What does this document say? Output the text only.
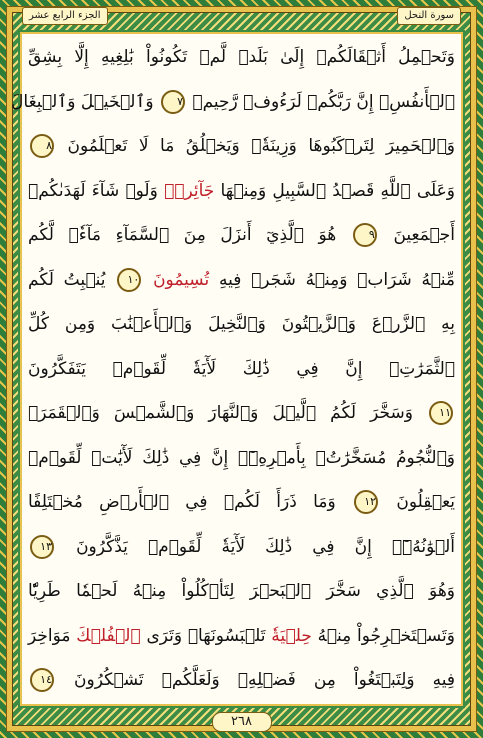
الجزء الرابع عشر	سورة النحل
وَتَحۡمِلُ أَثۡقَالَكُمۡ إِلَىٰ بَلَدٖ لَّمۡ تَكُونُواْ بَٰلِغِيهِ إِلَّا بِشِقِّ
ٱلۡأَنفُسِۚ إِنَّ رَبَّكُمۡ لَرَءُوفٞ رَّحِيمٞ ٧ وَٱلۡخَيۡلَ وَٱلۡبِغَالَ
وَٱلۡحَمِيرَ لِتَرۡكَبُوهَا وَزِينَةٗۚ وَيَخۡلُقُ مَا لَا تَعۡلَمُونَ ٨
وَعَلَى ٱللَّهِ قَصۡدُ ٱلسَّبِيلِ وَمِنۡهَا جَآئِرٞۚ وَلَوۡ شَآءَ لَهَدَىٰكُمۡ
أَجۡمَعِينَ ٩ هُوَ ٱلَّذِيٓ أَنزَلَ مِنَ ٱلسَّمَآءِ مَآءٗۖ لَّكُم
مِّنۡهُ شَرَابٞ وَمِنۡهُ شَجَرٞ فِيهِ تُسِيمُونَ ١٠ يُنۢبِتُ لَكُم
بِهِ ٱلزَّرۡعَ وَٱلزَّيۡتُونَ وَٱلنَّخِيلَ وَٱلۡأَعۡنَٰبَ وَمِن كُلِّ
ٱلثَّمَرَٰتِۚ إِنَّ فِي ذَٰلِكَ لَأٓيَةٗ لِّقَوۡمٖ يَتَفَكَّرُونَ
١١ وَسَخَّرَ لَكُمُ ٱلَّيۡلَ وَٱلنَّهَارَ وَٱلشَّمۡسَ وَٱلۡقَمَرَۖ
وَٱلنُّجُومُ مُسَخَّرَٰتُۢ بِأَمۡرِهِۦٓۚ إِنَّ فِي ذَٰلِكَ لَأٓيَٰتٖ لِّقَوۡمٖ
يَعۡقِلُونَ ١٢ وَمَا ذَرَأَ لَكُمۡ فِي ٱلۡأَرۡضِ مُخۡتَلِفًا
أَلۡوَٰنُهُۥٓۚ إِنَّ فِي ذَٰلِكَ لَأٓيَةٗ لِّقَوۡمٖ يَذَّكَّرُونَ ١٣
وَهُوَ ٱلَّذِي سَخَّرَ ٱلۡبَحۡرَ لِتَأۡكُلُواْ مِنۡهُ لَحۡمٗا طَرِيّٗا
وَتَسۡتَخۡرِجُواْ مِنۡهُ حِلۡيَةٗ تَلۡبَسُونَهَاۖ وَتَرَى ٱلۡفُلۡكَ مَوَاخِرَ
فِيهِ وَلِتَبۡتَغُواْ مِن فَضۡلِهِۦ وَلَعَلَّكُمۡ تَشۡكُرُونَ ١٤
٢٦٨
